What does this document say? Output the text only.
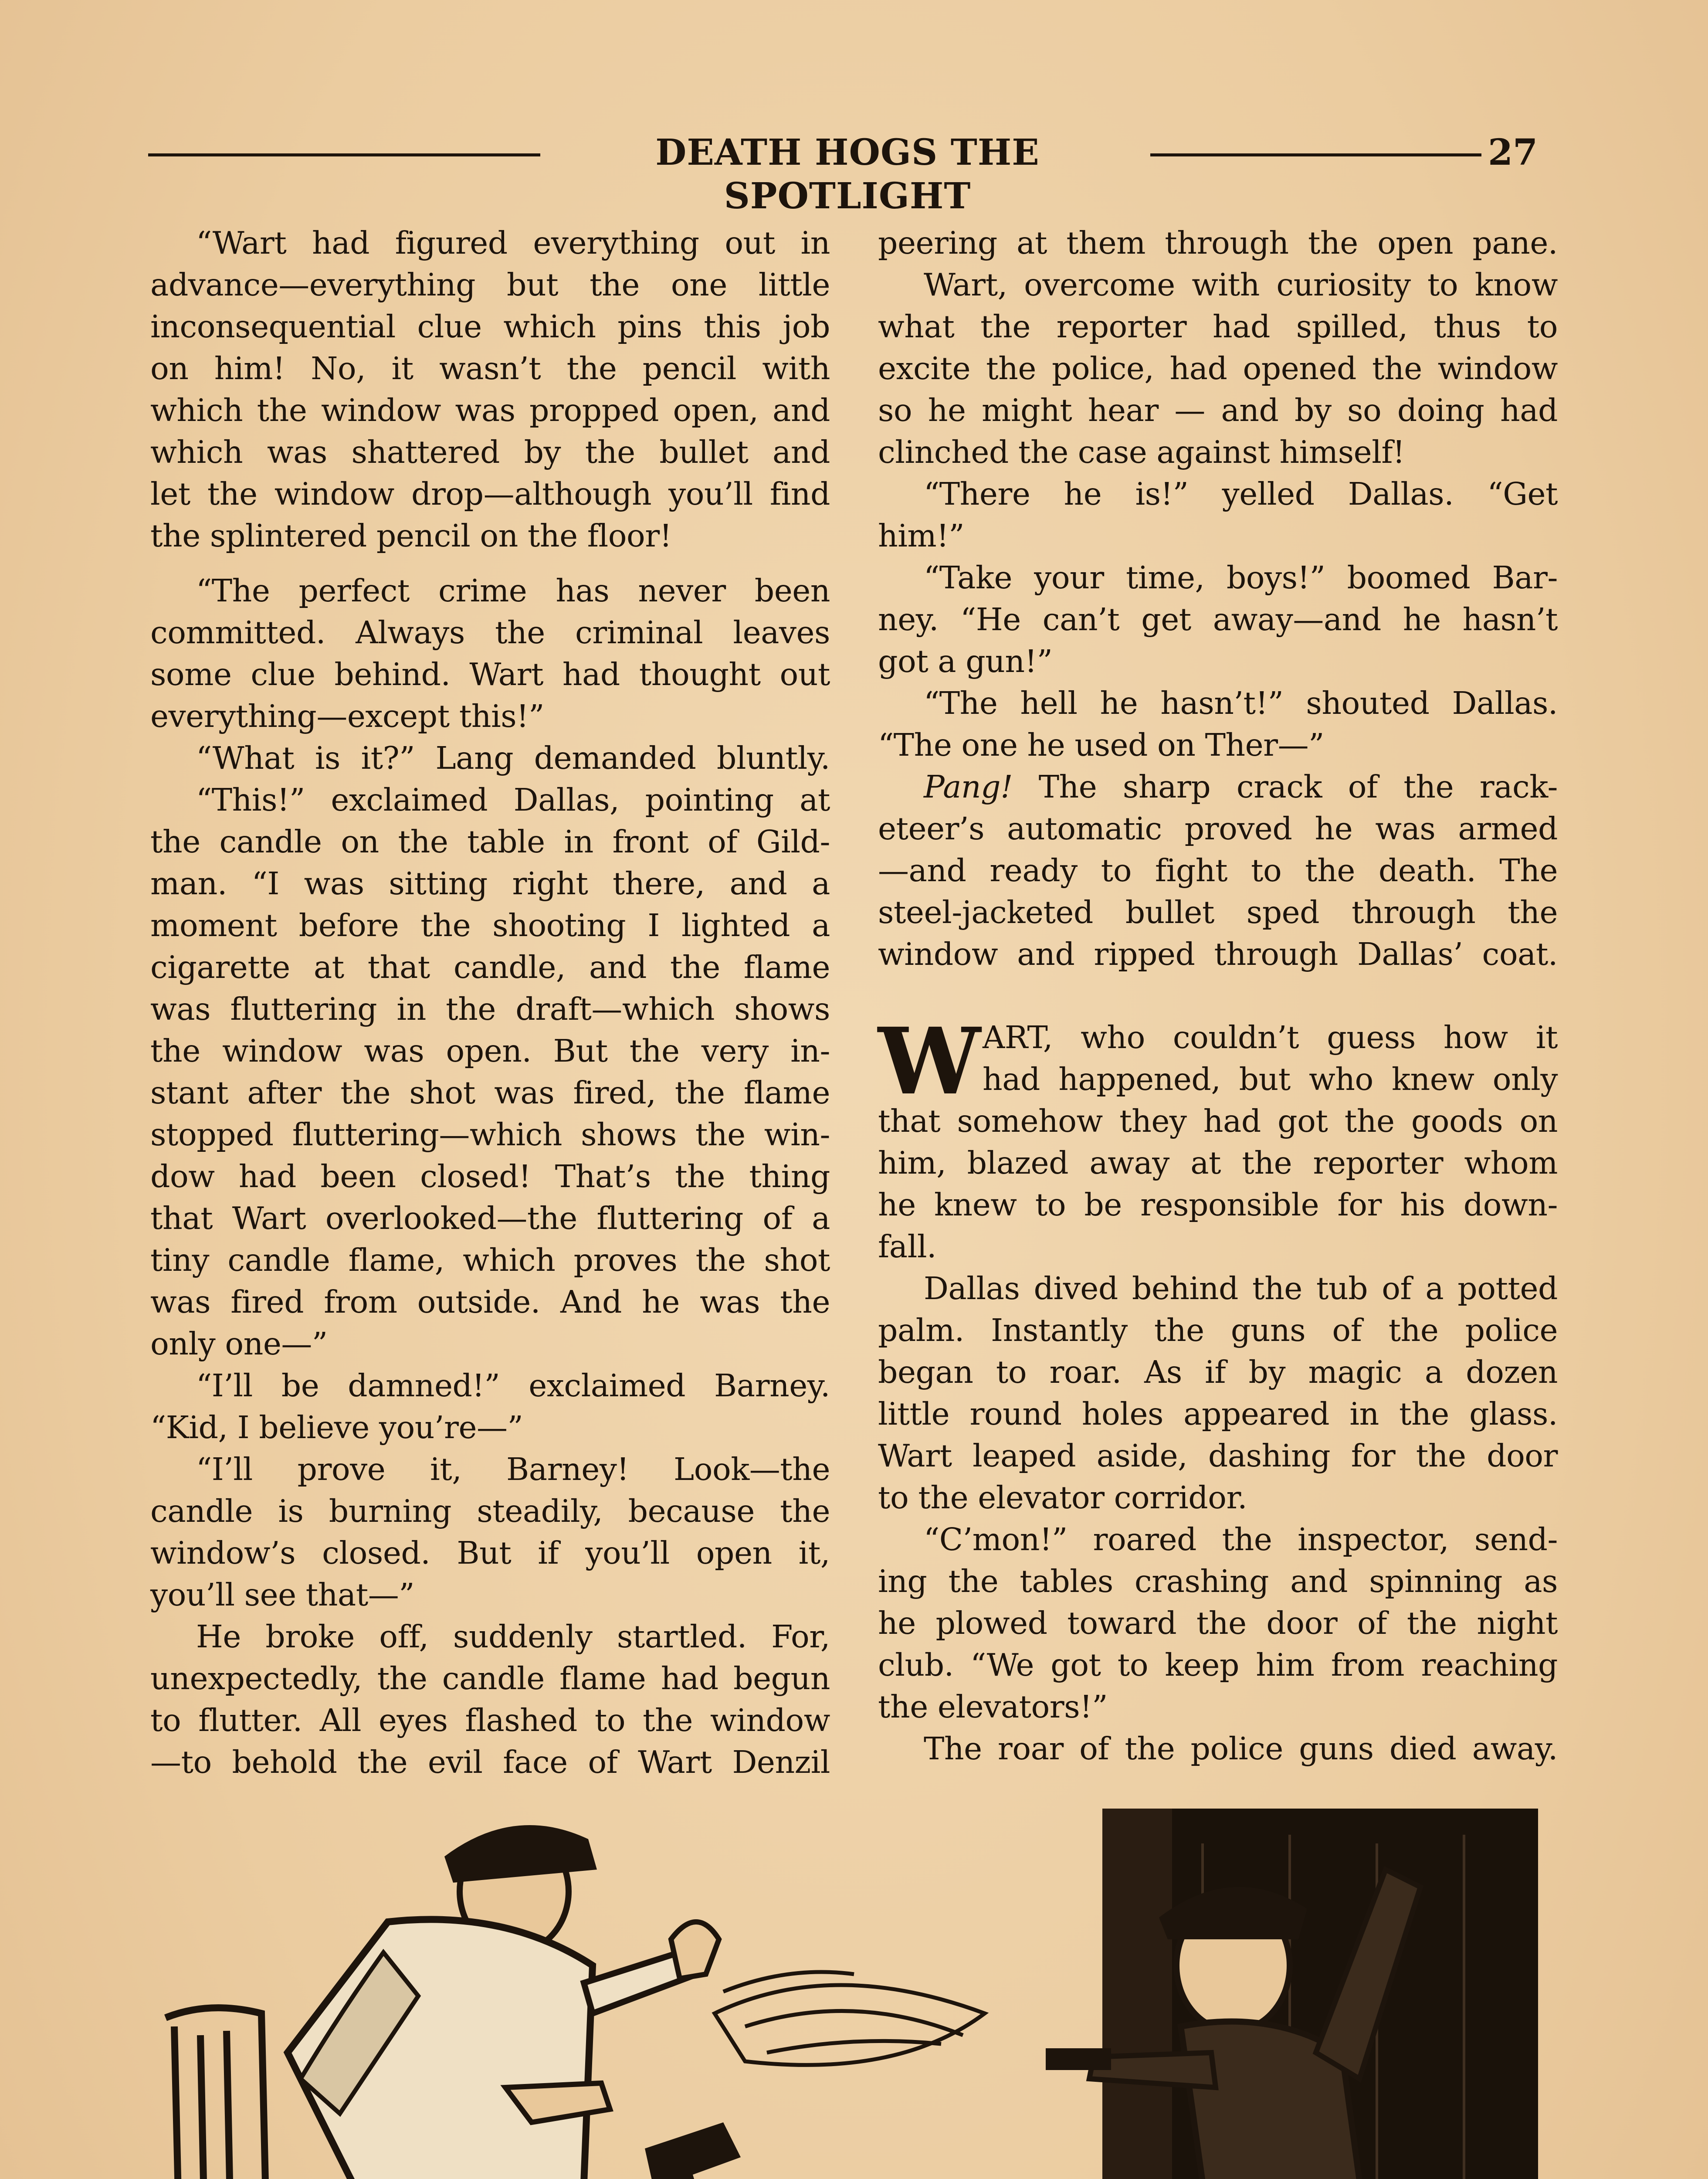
DEATH HOGS THE SPOTLIGHT
27
“Wart had figured everything out in
advance—everything but the one little
inconsequential clue which pins this job
on him! No, it wasn’t the pencil with
which the window was propped open, and
which was shattered by the bullet and
let the window drop—although you’ll find
the splintered pencil on the floor!
“The perfect crime has never been
committed. Always the criminal leaves
some clue behind. Wart had thought out
everything—except this!”
“What is it?” Lang demanded bluntly.
“This!” exclaimed Dallas, pointing at
the candle on the table in front of Gild-
man. “I was sitting right there, and a
moment before the shooting I lighted a
cigarette at that candle, and the flame
was fluttering in the draft—which shows
the window was open. But the very in-
stant after the shot was fired, the flame
stopped fluttering—which shows the win-
dow had been closed! That’s the thing
that Wart overlooked—the fluttering of a
tiny candle flame, which proves the shot
was fired from outside. And he was the
only one—”
“I’ll be damned!” exclaimed Barney.
“Kid, I believe you’re—”
“I’ll prove it, Barney! Look—the
candle is burning steadily, because the
window’s closed. But if you’ll open it,
you’ll see that—”
He broke off, suddenly startled. For,
unexpectedly, the candle flame had begun
to flutter. All eyes flashed to the window
—to behold the evil face of Wart Denzil
peering at them through the open pane.
Wart, overcome with curiosity to know
what the reporter had spilled, thus to
excite the police, had opened the window
so he might hear — and by so doing had
clinched the case against himself!
“There he is!” yelled Dallas. “Get
him!”
“Take your time, boys!” boomed Bar-
ney. “He can’t get away—and he hasn’t
got a gun!”
“The hell he hasn’t!” shouted Dallas.
“The one he used on Ther—”
Pang! The sharp crack of the rack-
eteer’s automatic proved he was armed
—and ready to fight to the death. The
steel-jacketed bullet sped through the
window and ripped through Dallas’ coat.
W ART, who couldn’t guess how it
had happened, but who knew only
that somehow they had got the goods on
him, blazed away at the reporter whom
he knew to be responsible for his down-
fall.
Dallas dived behind the tub of a potted
palm. Instantly the guns of the police
began to roar. As if by magic a dozen
little round holes appeared in the glass.
Wart leaped aside, dashing for the door
to the elevator corridor.
“C’mon!” roared the inspector, send-
ing the tables crashing and spinning as
he plowed toward the door of the night
club. “We got to keep him from reaching
the elevators!”
The roar of the police guns died away.
